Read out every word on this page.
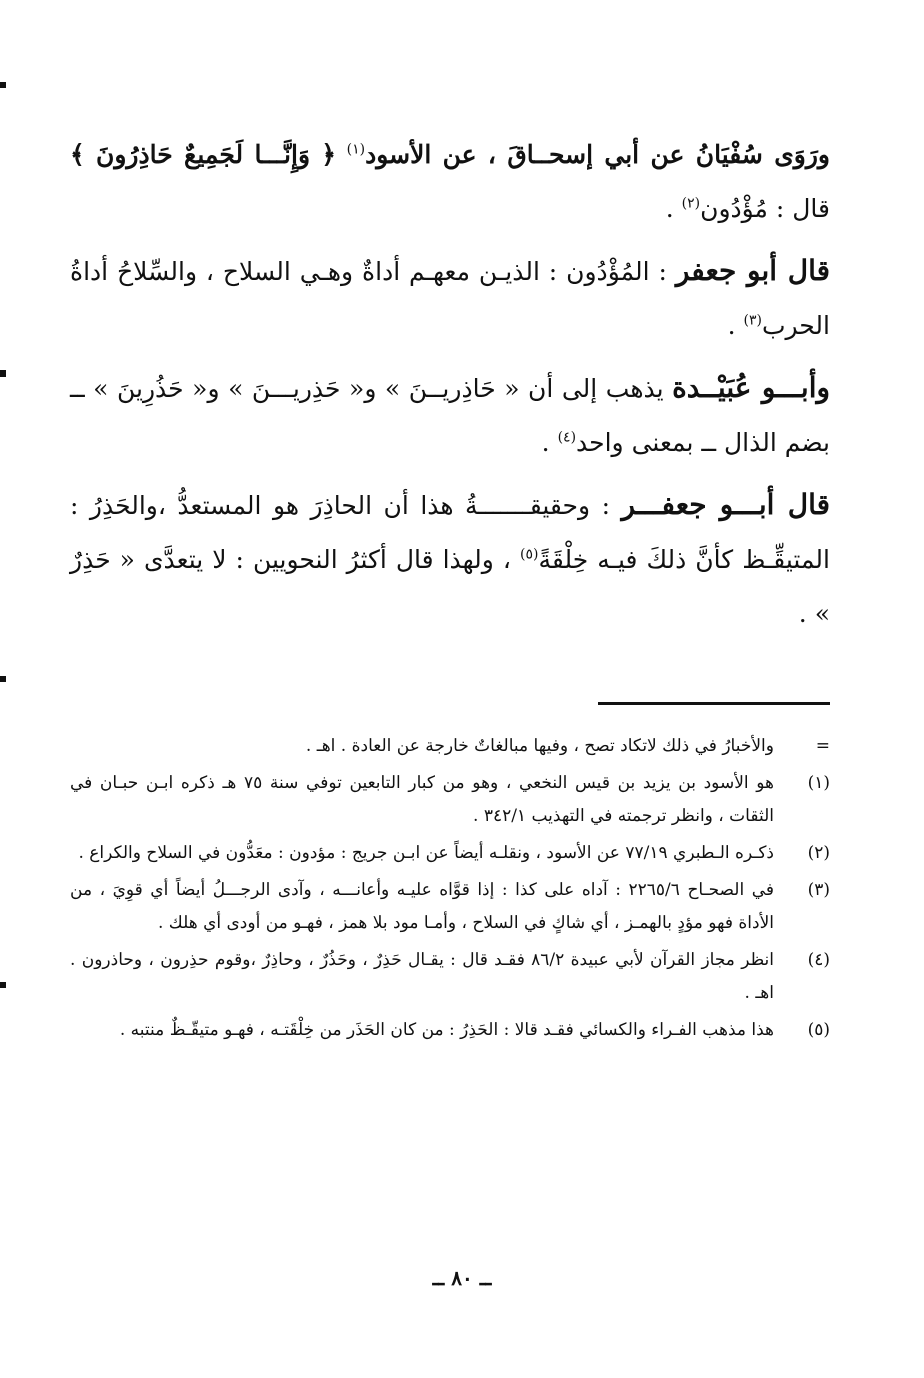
ورَوَى سُفْيَانُ عن أبي إسحــاقَ ، عن الأسود$^{(١)}$ ﴿ وَإِنَّـــا لَجَمِيعٌ حَاذِرُونَ ﴾ قال : مُؤْدُون$^{(٢)}$ .

قال أبو جعفر : المُؤْدُون : الذيـن معهـم أداةٌ وهـي السلاح ، والسِّلاحُ أداةُ الحرب$^{(٣)}$ .

وأبـــو عُبَيْــدة يذهب إلى أن « حَاذِريــنَ » و« حَذِريـــنَ » و« حَذُرِينَ » ــ بضم الذال ــ بمعنى واحد$^{(٤)}$ .

قال أبـــو جعفـــر : وحقيقـــــــةُ هذا أن الحاذِرَ هو المستعدُّ ،والحَذِرُ : المتيقِّـظ كأنَّ ذلكَ فيـه خِلْقَةً$^{(٥)}$ ، ولهذا قال أكثرُ النحويين : لا يتعدَّى « حَذِرٌ » .

=
والأخبارُ في ذلك لاتكاد تصح ، وفيها مبالغاتٌ خارجة عن العادة . اهـ .
(١)
هو الأسود بن يزيد بن قيس النخعي ، وهو من كبار التابعين توفي سنة ٧٥ هـ ذكره ابـن حبـان في الثقات ، وانظر ترجمته في التهذيب ٣٤٢/١ .
(٢)
ذكـره الـطبري ٧٧/١٩ عن الأسود ، ونقلـه أيضاً عن ابـن جريج : مؤدون : معَدُّون في السلاح والكراع .
(٣)
في الصحـاح ٢٢٦٥/٦ : آداه على كذا : إذا قوَّاه عليـه وأعانـــه ، وآدى الرجـــلُ أيضاً أي قوِيَ ، من الأداة فهو مؤدٍ بالهمـز ، أي شاكٍ في السلاح ، وأمـا مود بلا همز ، فهـو من أودى أي هلك .
(٤)
انظر مجاز القرآن لأبي عبيدة ٨٦/٢ فقـد قال : يقـال حَذِرٌ ، وحَذُرٌ ، وحاذِرٌ ،وقوم حذِرون ، وحاذرون . اهـ .
(٥)
هذا مذهب الفـراء والكسائي فقـد قالا : الحَذِرُ : من كان الحَذَر من خِلْقَتـه ، فهـو متيقّـظٌ منتبه .
ــ ٨٠ ــ
